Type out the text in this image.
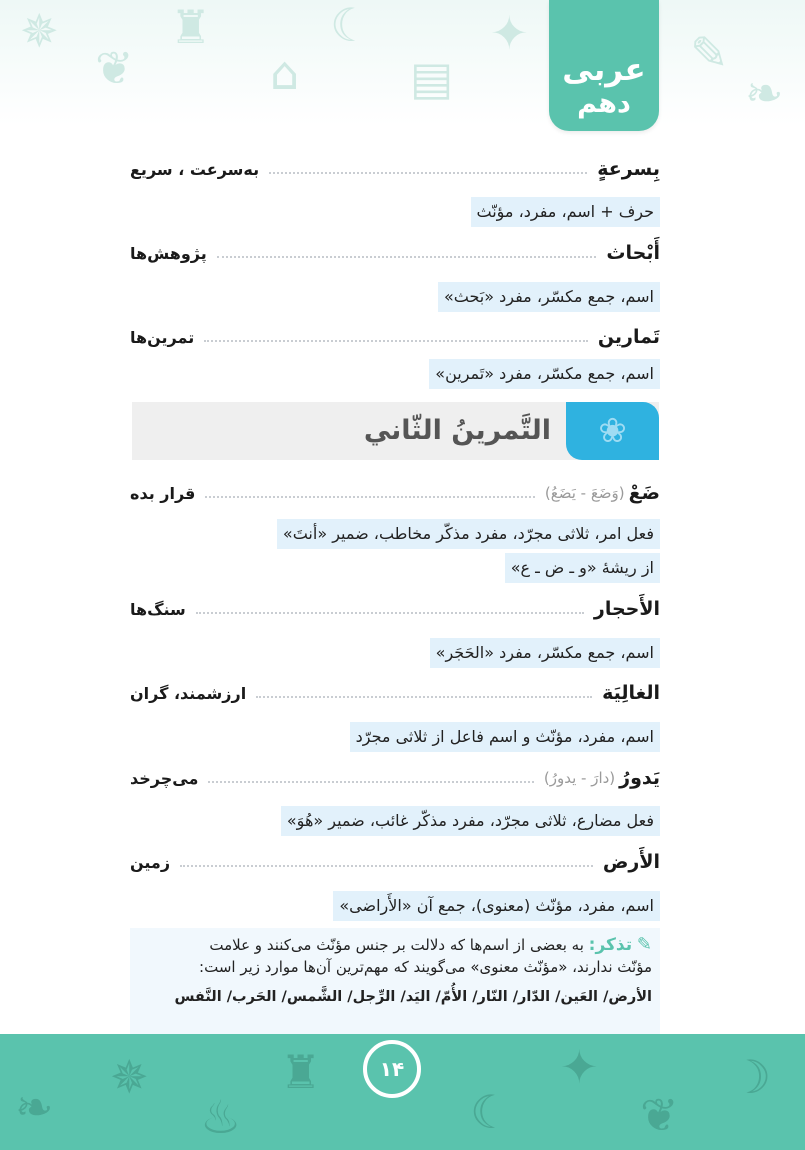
✵
❦
♜
⌂
☾
▤
✦	✎
❧
عربی
دهم
بِسرعةٍ
به‌سرعت ، سریع
حرف + اسم، مفرد، مؤنّث
أَبْحاث
پژوهش‌ها
اسم، جمع مکسّر، مفرد «بَحث»
تَمارین
تمرین‌ها
اسم، جمع مکسّر، مفرد «تَمرین»
❀
التَّمرینُ الثّاني
ضَعْ
(وَضَعَ - یَضَعُ)
قرار بده
فعل امر، ثلاثی مجرّد، مفرد مذکّر مخاطب، ضمیر «أنتَ»
از ریشهٔ «و ـ ض ـ ع»
الأَحجار
سنگ‌ها
اسم، جمع مکسّر، مفرد «الحَجَر»
الغالِیَة
ارزشمند، گران
اسم، مفرد، مؤنّث و اسم فاعل از ثلاثی مجرّد
یَدورُ
(دارَ - یدورُ)
می‌چرخد
فعل مضارع، ثلاثی مجرّد، مفرد مذکّر غائب، ضمیر «هُوَ»
الأَرض
زمین
اسم، مفرد، مؤنّث (معنوی)، جمع آن «الأَراضی»
✎ تذکر: به بعضی از اسم‌ها که دلالت بر جنس مؤنّث می‌کنند و علامت
مؤنّث ندارند، «مؤنّث معنوی» می‌گویند که مهم‌ترین آن‌ها موارد زیر است:
الأرض/ العَین/ الدّار/ النّار/ الأُمّ/ الیَد/ الرِّجل/ الشَّمس/ الحَرب/ النَّفس
❧
✵
♨
♜
☾
✦
❦
☽
۱۴
